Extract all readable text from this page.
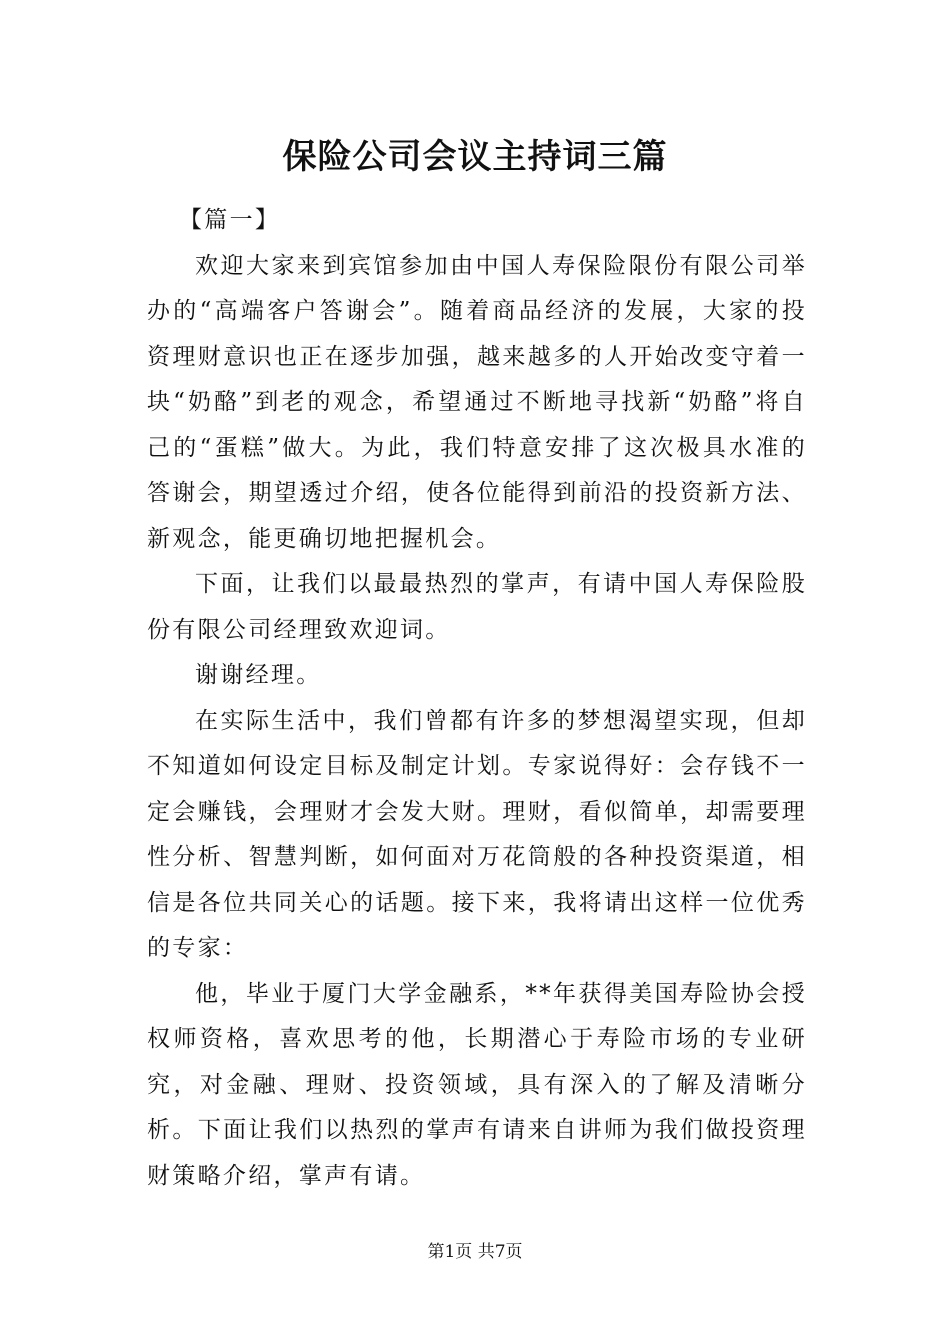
保险公司会议主持词三篇

【篇一】

欢迎大家来到宾馆参加由中国人寿保险限份有限公司举办的“高端客户答谢会”。随着商品经济的发展，大家的投资理财意识也正在逐步加强，越来越多的人开始改变守着一块“奶酪”到老的观念，希望通过不断地寻找新“奶酪”将自己的“蛋糕”做大。为此，我们特意安排了这次极具水准的答谢会，期望透过介绍，使各位能得到前沿的投资新方法、新观念，能更确切地把握机会。

下面，让我们以最最热烈的掌声，有请中国人寿保险股份有限公司经理致欢迎词。

谢谢经理。

在实际生活中，我们曾都有许多的梦想渴望实现，但却不知道如何设定目标及制定计划。专家说得好：会存钱不一定会赚钱，会理财才会发大财。理财，看似简单，却需要理性分析、智慧判断，如何面对万花筒般的各种投资渠道，相信是各位共同关心的话题。接下来，我将请出这样一位优秀的专家：

他，毕业于厦门大学金融系，**年获得美国寿险协会授权师资格，喜欢思考的他，长期潜心于寿险市场的专业研究，对金融、理财、投资领域，具有深入的了解及清晰分析。下面让我们以热烈的掌声有请来自讲师为我们做投资理财策略介绍，掌声有请。

第1页 共7页
